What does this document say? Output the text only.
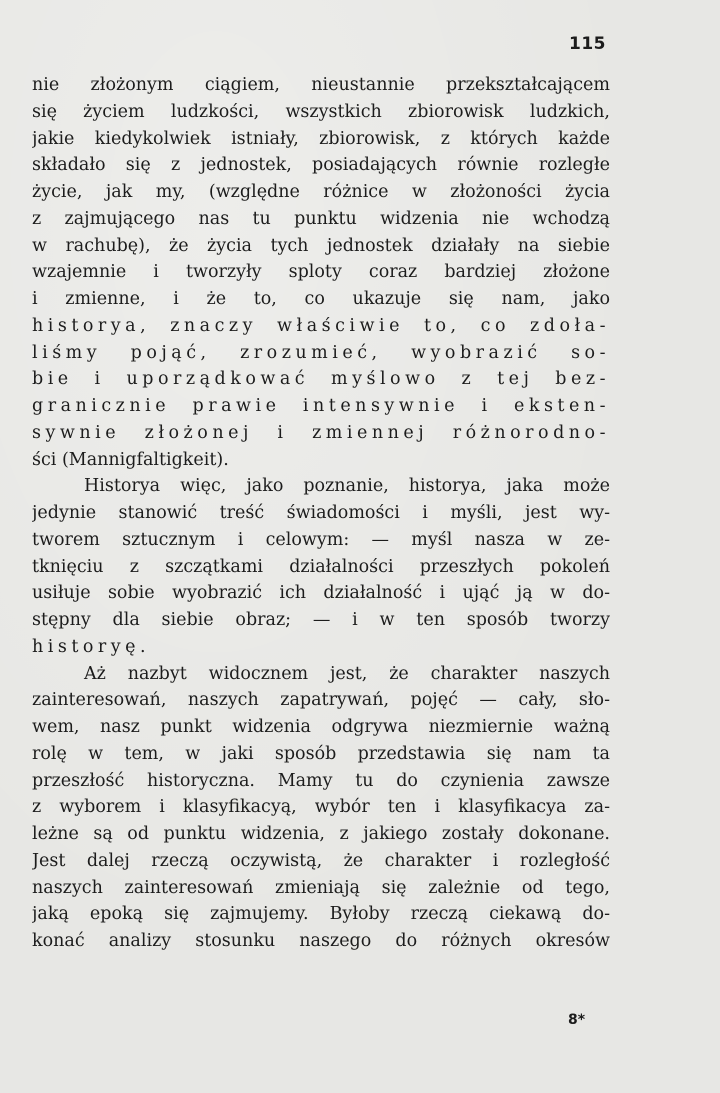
115
nie złożonym ciągiem, nieustannie przekształcającem
się życiem ludzkości, wszystkich zbiorowisk ludzkich,
jakie kiedykolwiek istniały, zbiorowisk, z których każde
składało się z jednostek, posiadających równie rozległe
życie, jak my, (względne różnice w złożoności życia
z zajmującego nas tu punktu widzenia nie wchodzą
w rachubę), że życia tych jednostek działały na siebie
wzajemnie i tworzyły sploty coraz bardziej złożone
i zmienne, i że to, co ukazuje się nam, jako
historya, znaczy właściwie to, co zdoła-
liśmy pojąć, zrozumieć, wyobrazić so-
bie i uporządkować myślowo z tej bez-
granicznie prawie intensywnie i eksten-
sywnie złożonej i zmiennej różnorodno-
ści (Mannigfaltigkeit).
Historya więc, jako poznanie, historya, jaka może
jedynie stanowić treść świadomości i myśli, jest wy-
tworem sztucznym i celowym: — myśl nasza w ze-
tknięciu z szczątkami działalności przeszłych pokoleń
usiłuje sobie wyobrazić ich działalność i ująć ją w do-
stępny dla siebie obraz; — i w ten sposób tworzy
historyę.
Aż nazbyt widocznem jest, że charakter naszych
zainteresowań, naszych zapatrywań, pojęć — cały, sło-
wem, nasz punkt widzenia odgrywa niezmiernie ważną
rolę w tem, w jaki sposób przedstawia się nam ta
przeszłość historyczna. Mamy tu do czynienia zawsze
z wyborem i klasyfikacyą, wybór ten i klasyfikacya za-
leżne są od punktu widzenia, z jakiego zostały dokonane.
Jest dalej rzeczą oczywistą, że charakter i rozległość
naszych zainteresowań zmieniają się zależnie od tego,
jaką epoką się zajmujemy. Byłoby rzeczą ciekawą do-
konać analizy stosunku naszego do różnych okresów
8*
